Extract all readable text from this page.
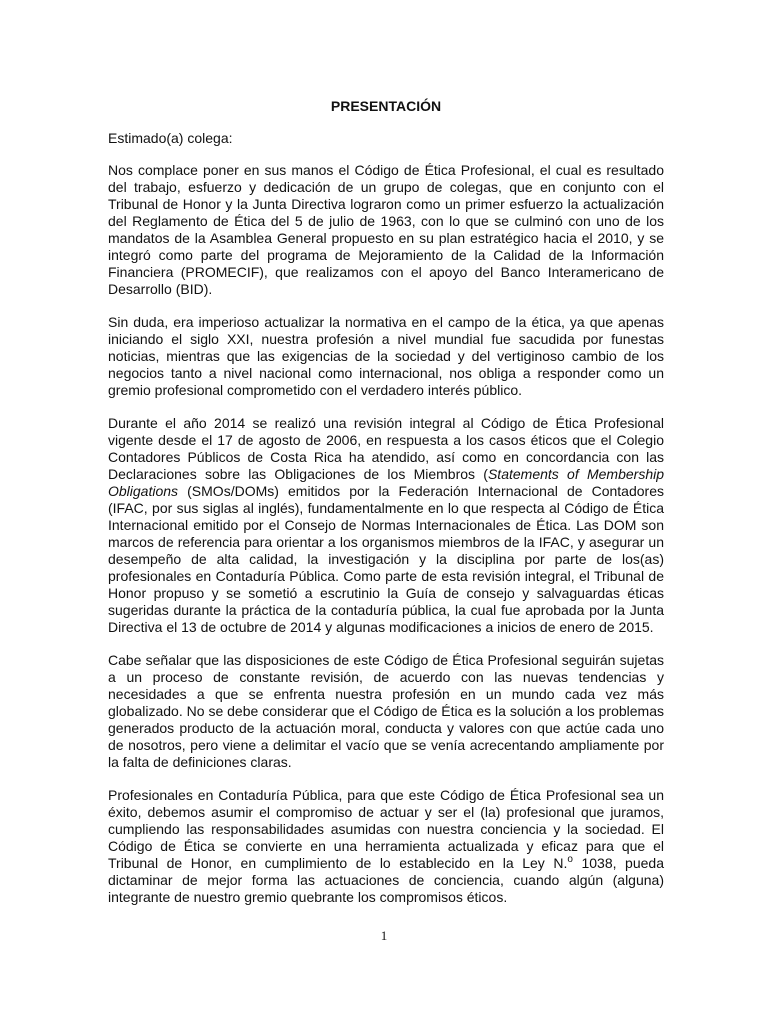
PRESENTACIÓN
Estimado(a) colega:

Nos complace poner en sus manos el Código de Ética Profesional, el cual es resultado del trabajo, esfuerzo y dedicación de un grupo de colegas, que en conjunto con el Tribunal de Honor y la Junta Directiva lograron como un primer esfuerzo la actualización del Reglamento de Ética del 5 de julio de 1963, con lo que se culminó con uno de los mandatos de la Asamblea General propuesto en su plan estratégico hacia el 2010, y se integró como parte del programa de Mejoramiento de la Calidad de la Información Financiera (PROMECIF), que realizamos con el apoyo del Banco Interamericano de Desarrollo (BID).

Sin duda, era imperioso actualizar la normativa en el campo de la ética, ya que apenas iniciando el siglo XXI, nuestra profesión a nivel mundial fue sacudida por funestas noticias, mientras que las exigencias de la sociedad y del vertiginoso cambio de los negocios tanto a nivel nacional como internacional, nos obliga a responder como un gremio profesional comprometido con el verdadero interés público.

Durante el año 2014 se realizó una revisión integral al Código de Ética Profesional vigente desde el 17 de agosto de 2006, en respuesta a los casos éticos que el Colegio Contadores Públicos de Costa Rica ha atendido, así como en concordancia con las Declaraciones sobre las Obligaciones de los Miembros (Statements of Membership Obligations (SMOs/DOMs) emitidos por la Federación Internacional de Contadores (IFAC, por sus siglas al inglés), fundamentalmente en lo que respecta al Código de Ética Internacional emitido por el Consejo de Normas Internacionales de Ética. Las DOM son marcos de referencia para orientar a los organismos miembros de la IFAC, y asegurar un desempeño de alta calidad, la investigación y la disciplina por parte de los(as) profesionales en Contaduría Pública. Como parte de esta revisión integral, el Tribunal de Honor propuso y se sometió a escrutinio la Guía de consejo y salvaguardas éticas sugeridas durante la práctica de la contaduría pública, la cual fue aprobada por la Junta Directiva el 13 de octubre de 2014 y algunas modificaciones a inicios de enero de 2015.

Cabe señalar que las disposiciones de este Código de Ética Profesional seguirán sujetas a un proceso de constante revisión, de acuerdo con las nuevas tendencias y necesidades a que se enfrenta nuestra profesión en un mundo cada vez más globalizado. No se debe considerar que el Código de Ética es la solución a los problemas generados producto de la actuación moral, conducta y valores con que actúe cada uno de nosotros, pero viene a delimitar el vacío que se venía acrecentando ampliamente por la falta de definiciones claras.

Profesionales en Contaduría Pública, para que este Código de Ética Profesional sea un éxito, debemos asumir el compromiso de actuar y ser el (la) profesional que juramos, cumpliendo las responsabilidades asumidas con nuestra conciencia y la sociedad. El Código de Ética se convierte en una herramienta actualizada y eficaz para que el Tribunal de Honor, en cumplimiento de lo establecido en la Ley N.$^o$ 1038, pueda dictaminar de mejor forma las actuaciones de conciencia, cuando algún (alguna) integrante de nuestro gremio quebrante los compromisos éticos.

1
